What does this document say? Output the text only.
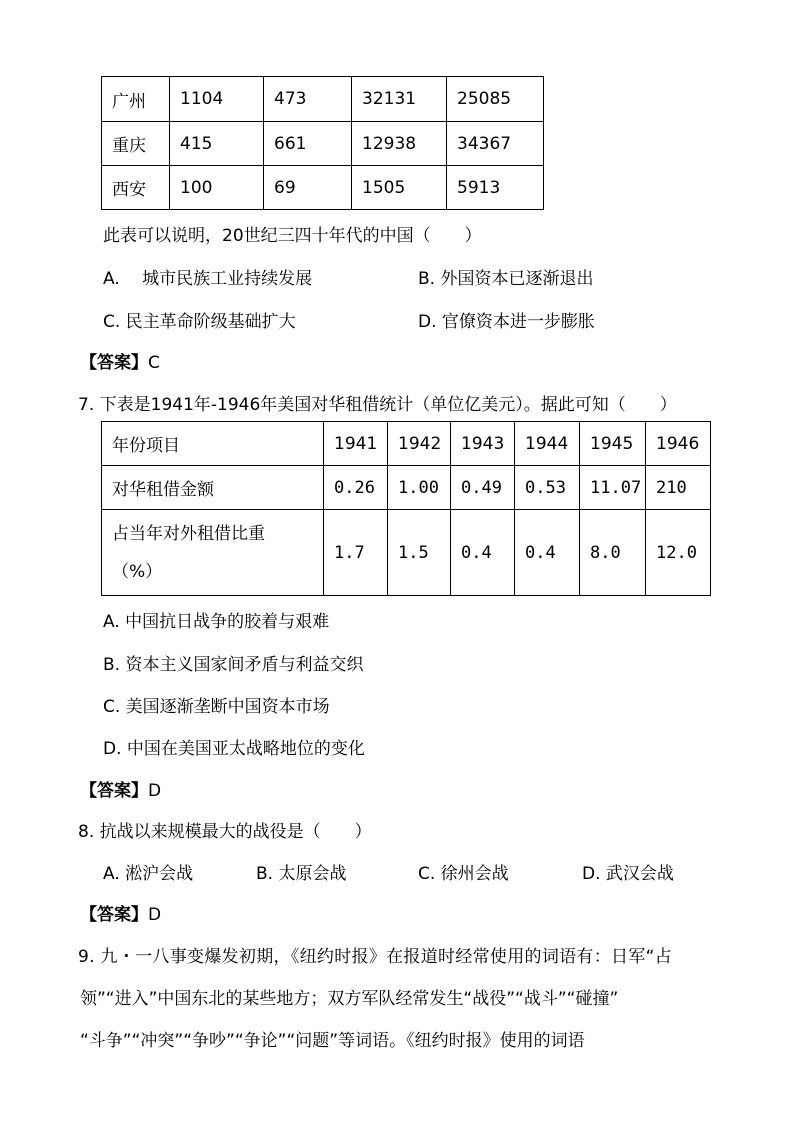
广州	1104	473	32131	25085
重庆	415	661	12938	34367
西安	100	69	1505	5913
此表可以说明，20世纪三四十年代的中国（　　）
A.　 城市民族工业持续发展	B. 外国资本已逐渐退出
C. 民主革命阶级基础扩大	D. 官僚资本进一步膨胀
【答案】C
7. 下表是1941年-1946年美国对华租借统计（单位亿美元）。据此可知（　　）
年份项目	1941	1942	1943	1944	1945	1946
对华租借金额	0.26	1.00	0.49	0.53	11.07	210

占当年对外租借比重
（%）	1.7	1.5	0.4	0.4	8.0	12.0
A. 中国抗日战争的胶着与艰难
B. 资本主义国家间矛盾与利益交织
C. 美国逐渐垄断中国资本市场
D. 中国在美国亚太战略地位的变化
【答案】D
8. 抗战以来规模最大的战役是（　　）
A. 淞沪会战	B. 太原会战	C. 徐州会战	D. 武汉会战
【答案】D
9. 九・一八事变爆发初期，《纽约时报》在报道时经常使用的词语有：日军“占
领”“进入”中国东北的某些地方；双方军队经常发生“战役”“战斗”“碰撞”
“斗争”“冲突”“争吵”“争论”“问题”等词语。《纽约时报》使用的词语
